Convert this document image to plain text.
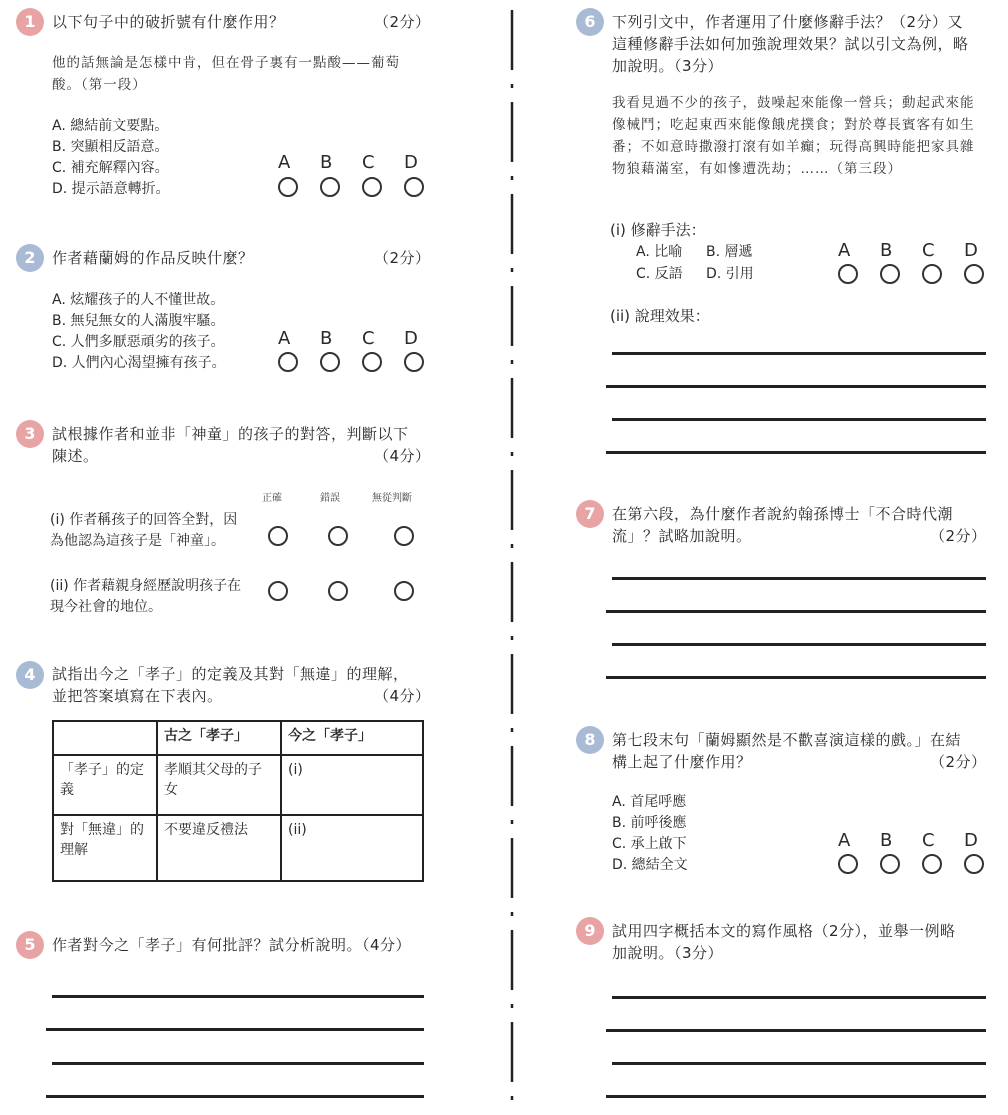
1	以下句子中的破折號有什麼作用？	（2分）
他的話無論是怎樣中肯，但在骨子裏有一點酸——葡萄酸。（第一段）
A. 總結前文要點。
B. 突顯相反語意。
C. 補充解釋內容。
D. 提示語意轉折。
A B C D
2	作者藉蘭姆的作品反映什麼？	（2分）
A. 炫耀孩子的人不懂世故。
B. 無兒無女的人滿腹牢騷。
C. 人們多厭惡頑劣的孩子。
D. 人們內心渴望擁有孩子。
A B C D
3	試根據作者和並非「神童」的孩子的對答，判斷以下
陳述。	（4分）
正確	錯誤	無從判斷
(i) 作者稱孩子的回答全對，因為他認為這孩子是「神童」。
(ii) 作者藉親身經歷說明孩子在現今社會的地位。
4	試指出今之「孝子」的定義及其對「無違」的理解，
並把答案填寫在下表內。	（4分）
	古之「孝子」	今之「孝子」
「孝子」的定義	孝順其父母的子女	(i)
對「無違」的理解	不要違反禮法	(ii)
5	作者對今之「孝子」有何批評？試分析說明。（4分）
6	下列引文中，作者運用了什麼修辭手法？（2分）又
這種修辭手法如何加強說理效果？試以引文為例，略
加說明。（3分）
我看見過不少的孩子，鼓噪起來能像一營兵；動起武來能像械鬥；吃起東西來能像餓虎撲食；對於尊長賓客有如生番；不如意時撒潑打滾有如羊癲；玩得高興時能把家具雜物狼藉滿室，有如慘遭洗劫；……（第三段）
(i) 修辭手法：
A. 比喻 B. 層遞
C. 反語 D. 引用
A B C D
(ii) 說理效果：
7	在第六段，為什麼作者說約翰孫博士「不合時代潮
流」？試略加說明。	（2分）
8	第七段末句「蘭姆顯然是不歡喜演這樣的戲。」在結
構上起了什麼作用？	（2分）
A. 首尾呼應
B. 前呼後應
C. 承上啟下
D. 總結全文
A B C D
9	試用四字概括本文的寫作風格（2分），並舉一例略
加說明。（3分）
